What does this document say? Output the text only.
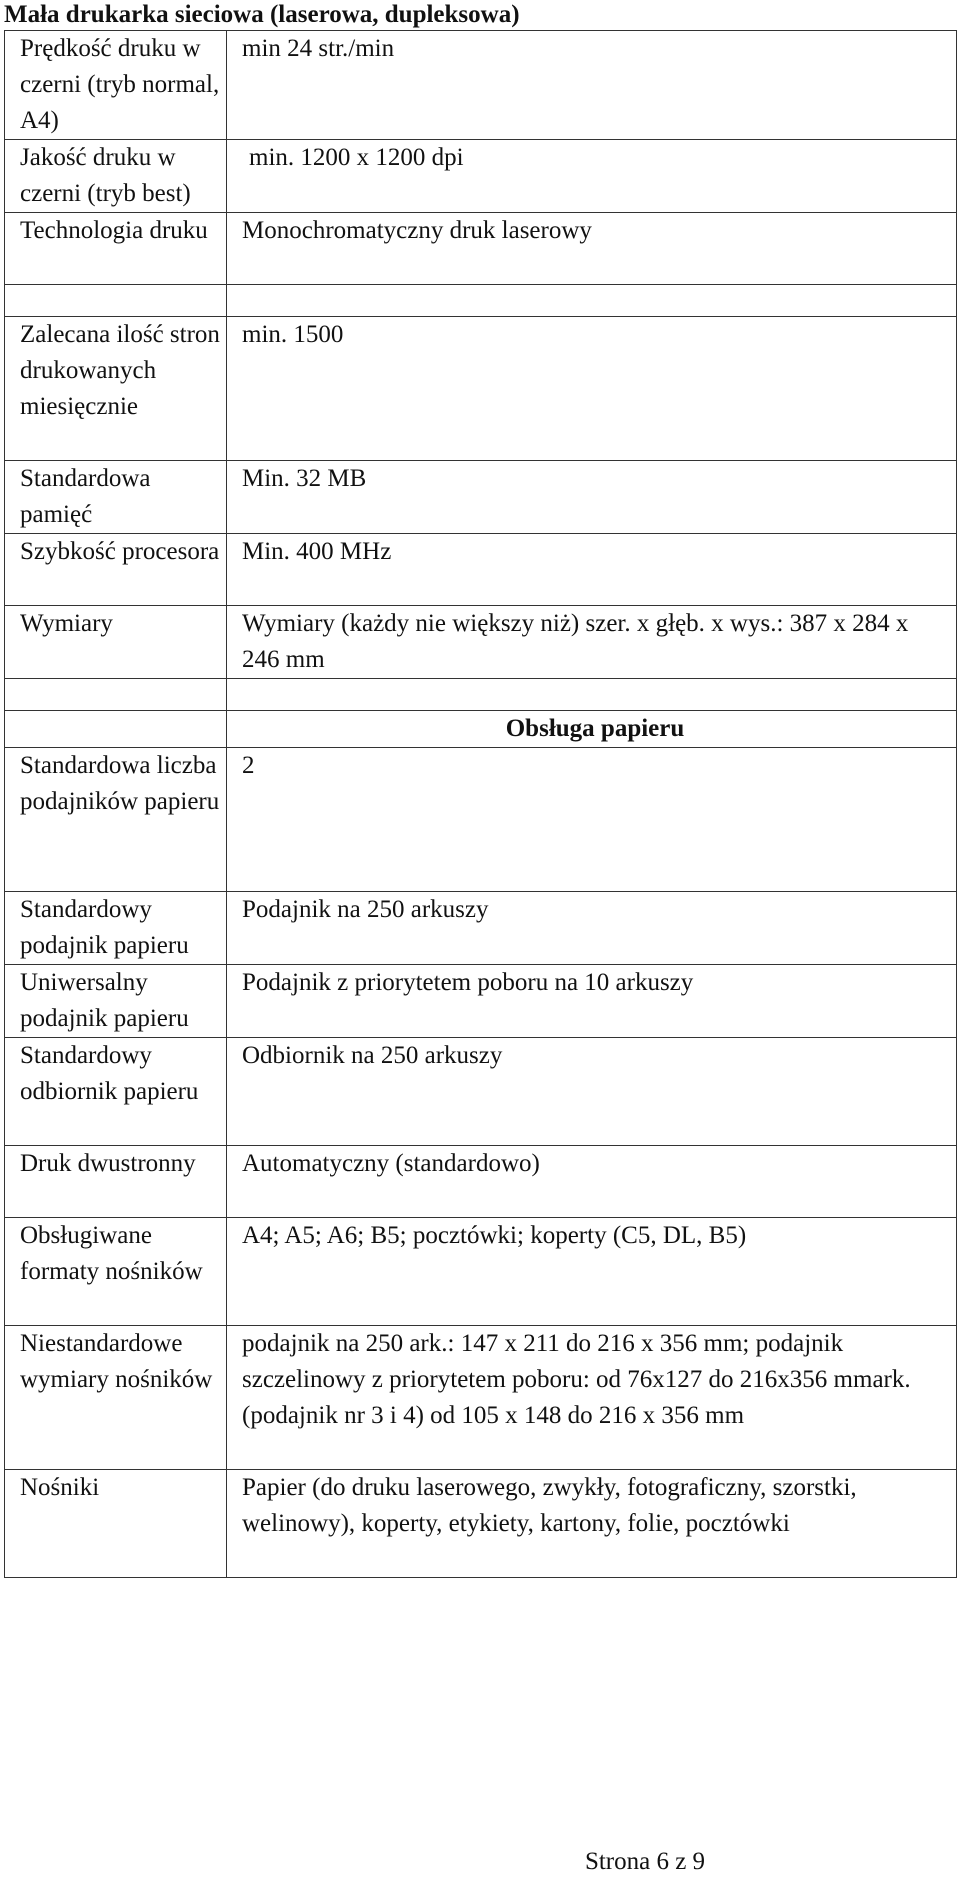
Mała drukarka sieciowa (laserowa, dupleksowa)
Prędkość druku w czerni (tryb normal, A4)	min 24 str./min
Jakość druku w czerni (tryb best)	min. 1200 x 1200 dpi
Technologia druku	Monochromatyczny druk laserowy

Zalecana ilość stron drukowanych miesięcznie	min. 1500
Standardowa pamięć	Min. 32 MB
Szybkość procesora	Min. 400 MHz
Wymiary	Wymiary (każdy nie większy niż) szer. x głęb. x wys.: 387 x 284 x 246 mm

	Obsługa papieru
Standardowa liczba podajników papieru	2
Standardowy podajnik papieru	Podajnik na 250 arkuszy
Uniwersalny podajnik papieru	Podajnik z priorytetem poboru na 10 arkuszy
Standardowy odbiornik papieru	Odbiornik na 250 arkuszy
Druk dwustronny	Automatyczny (standardowo)
Obsługiwane formaty nośników	A4; A5; A6; B5; pocztówki; koperty (C5, DL, B5)
Niestandardowe wymiary nośników	podajnik na 250 ark.: 147 x 211 do 216 x 356 mm; podajnik szczelinowy z priorytetem poboru: od 76x127 do 216x356 mmark. (podajnik nr 3 i 4) od 105 x 148 do 216 x 356 mm
Nośniki	Papier (do druku laserowego, zwykły, fotograficzny, szorstki, welinowy), koperty, etykiety, kartony, folie, pocztówki
Strona 6 z 9
